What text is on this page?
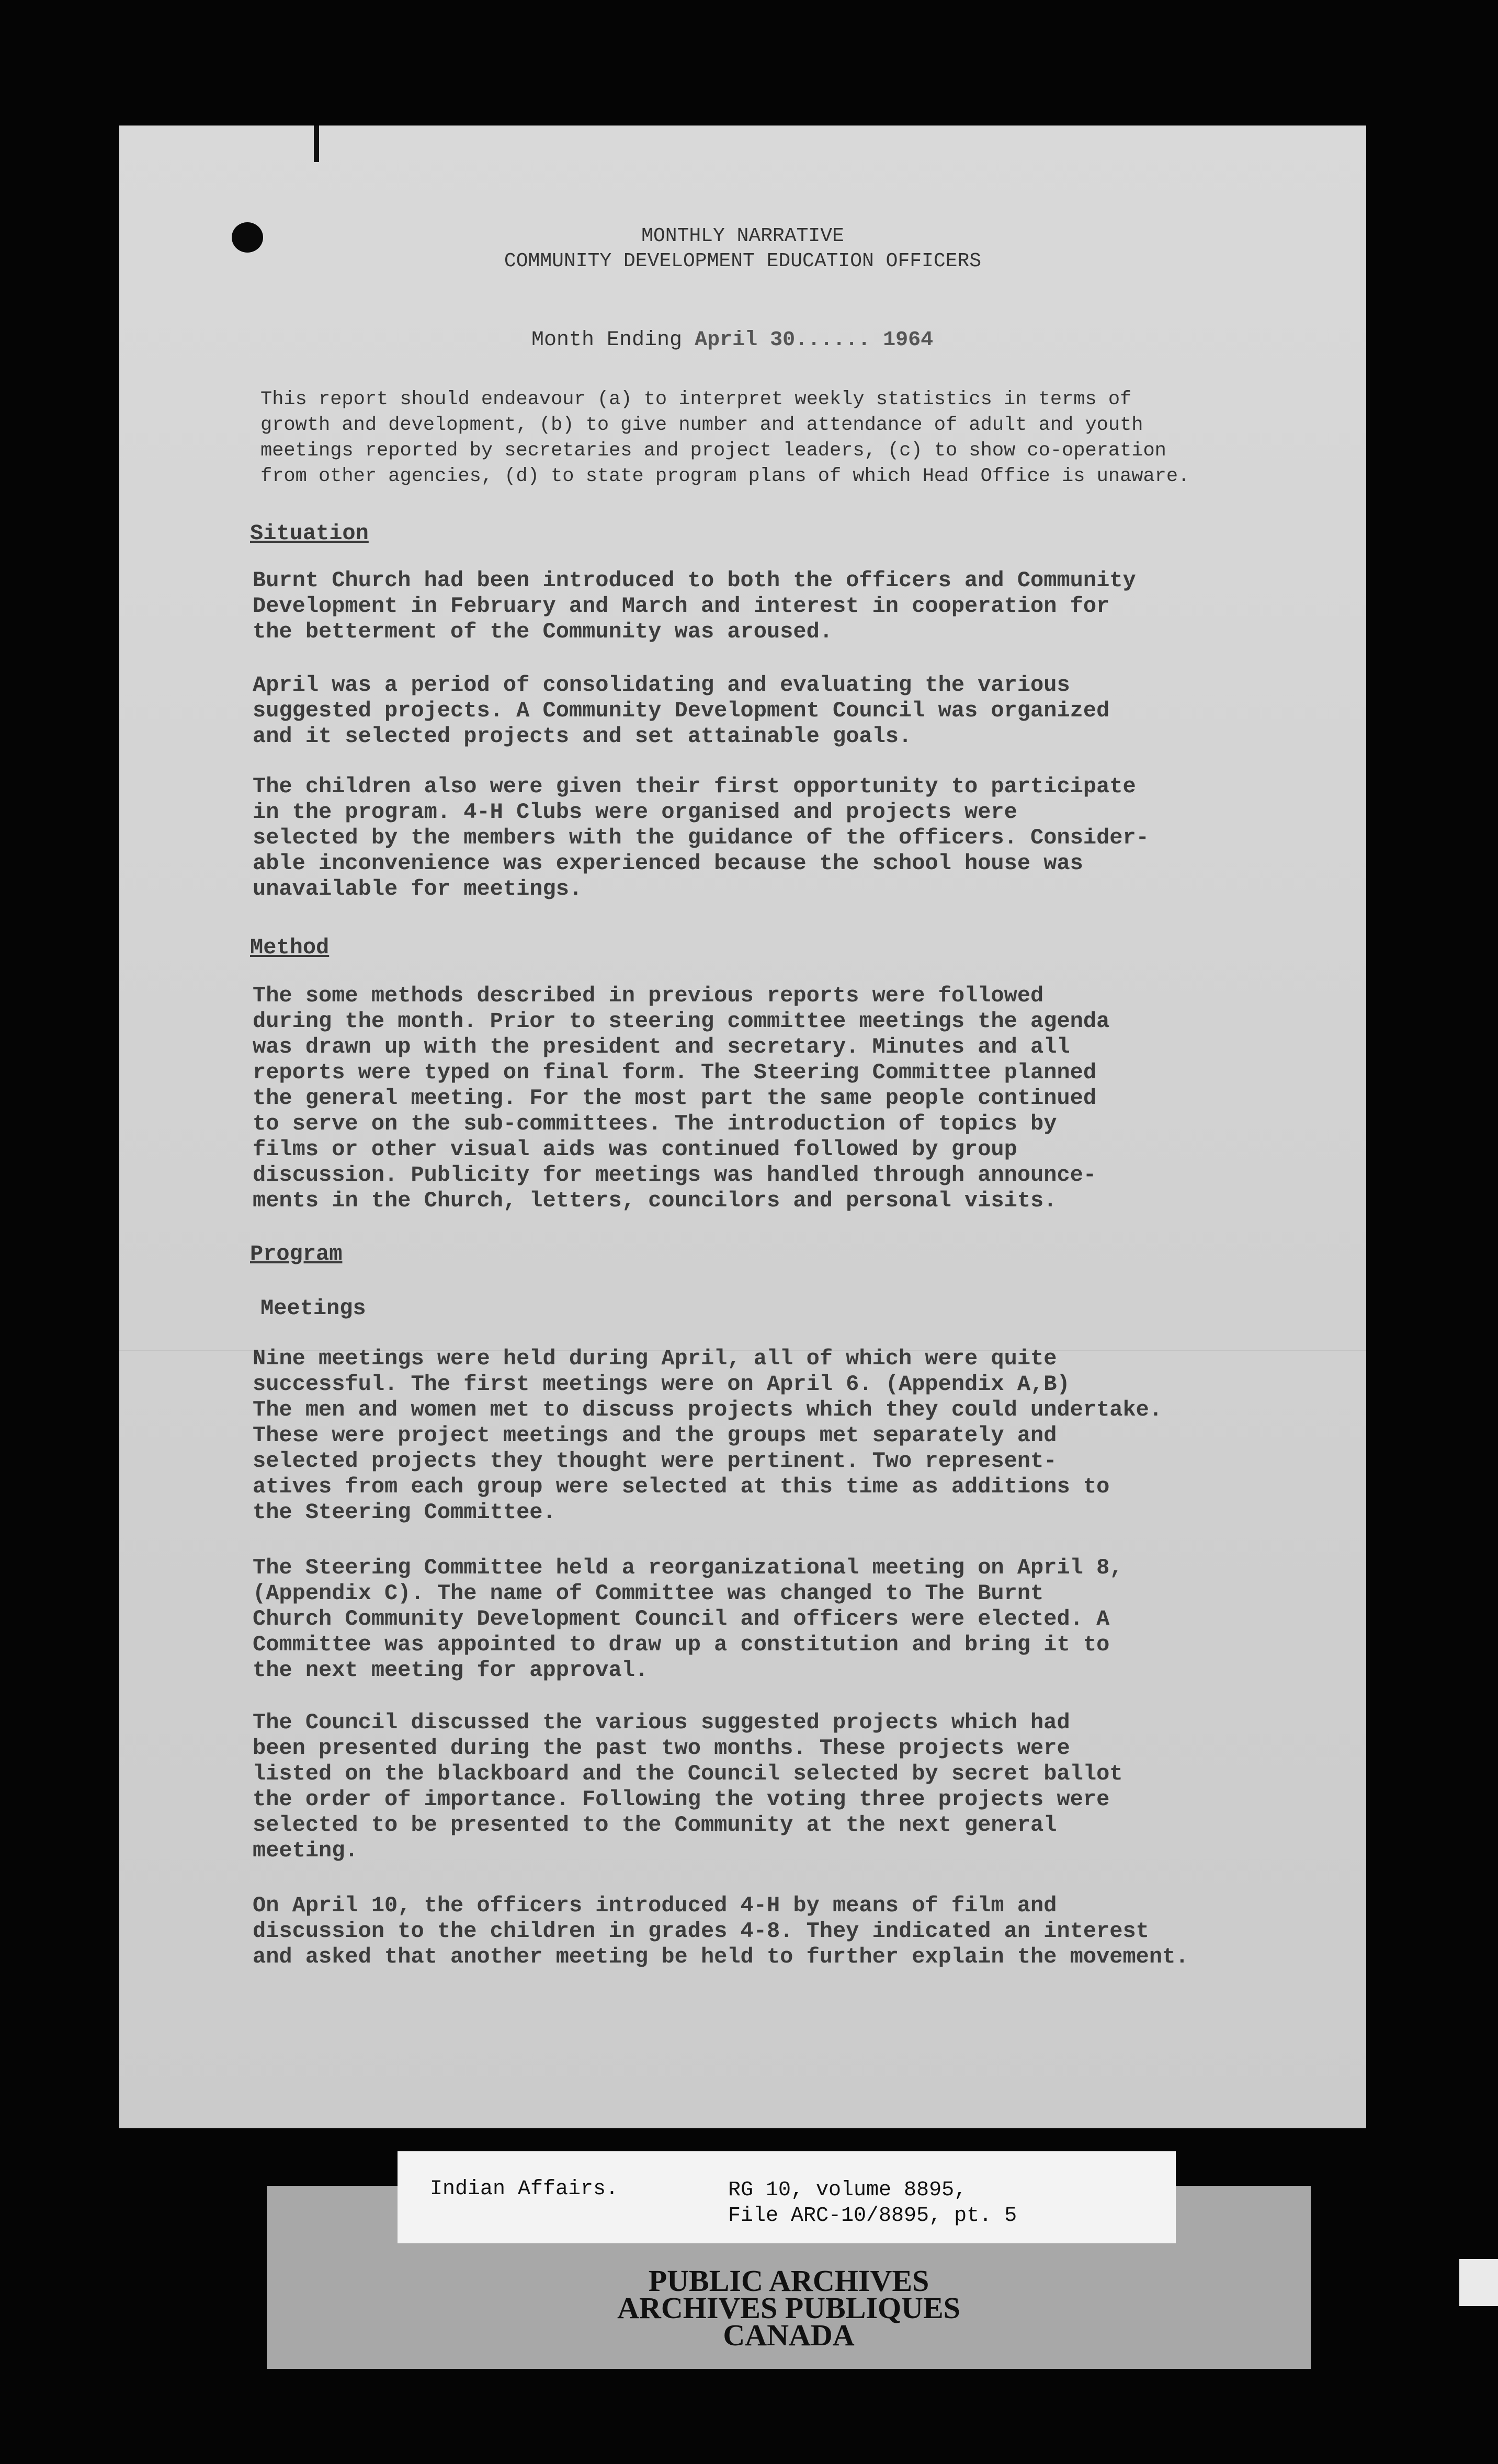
MONTHLY NARRATIVE
COMMUNITY DEVELOPMENT EDUCATION OFFICERS
Month Ending April 30...... 1964

This report should endeavour (a) to interpret weekly statistics in terms of
growth and development, (b) to give number and attendance of adult and youth
meetings reported by secretaries and project leaders, (c) to show co-operation
from other agencies, (d) to state program plans of which Head Office is unaware.

Situation

Burnt Church had been introduced to both the officers and Community
Development in February and March and interest in cooperation for
the betterment of the Community was aroused.

April was a period of consolidating and evaluating the various
suggested projects. A Community Development Council was organized
and it selected projects and set attainable goals.

The children also were given their first opportunity to participate
in the program. 4-H Clubs were organised and projects were
selected by the members with the guidance of the officers. Consider-
able inconvenience was experienced because the school house was
unavailable for meetings.

Method

The some methods described in previous reports were followed
during the month. Prior to steering committee meetings the agenda
was drawn up with the president and secretary. Minutes and all
reports were typed on final form. The Steering Committee planned
the general meeting. For the most part the same people continued
to serve on the sub-committees. The introduction of topics by
films or other visual aids was continued followed by group
discussion. Publicity for meetings was handled through announce-
ments in the Church, letters, councilors and personal visits.

Program

Meetings

Nine meetings were held during April, all of which were quite
successful. The first meetings were on April 6. (Appendix A,B)
The men and women met to discuss projects which they could undertake.
These were project meetings and the groups met separately and
selected projects they thought were pertinent. Two represent-
atives from each group were selected at this time as additions to
the Steering Committee.

The Steering Committee held a reorganizational meeting on April 8,
(Appendix C). The name of Committee was changed to The Burnt
Church Community Development Council and officers were elected. A
Committee was appointed to draw up a constitution and bring it to
the next meeting for approval.

The Council discussed the various suggested projects which had
been presented during the past two months. These projects were
listed on the blackboard and the Council selected by secret ballot
the order of importance. Following the voting three projects were
selected to be presented to the Community at the next general
meeting.

On April 10, the officers introduced 4-H by means of film and
discussion to the children in grades 4-8. They indicated an interest
and asked that another meeting be held to further explain the movement.

PUBLIC ARCHIVES
ARCHIVES PUBLIQUES
CANADA
Indian Affairs.	RG 10, volume 8895,
File ARC-10/8895, pt. 5
